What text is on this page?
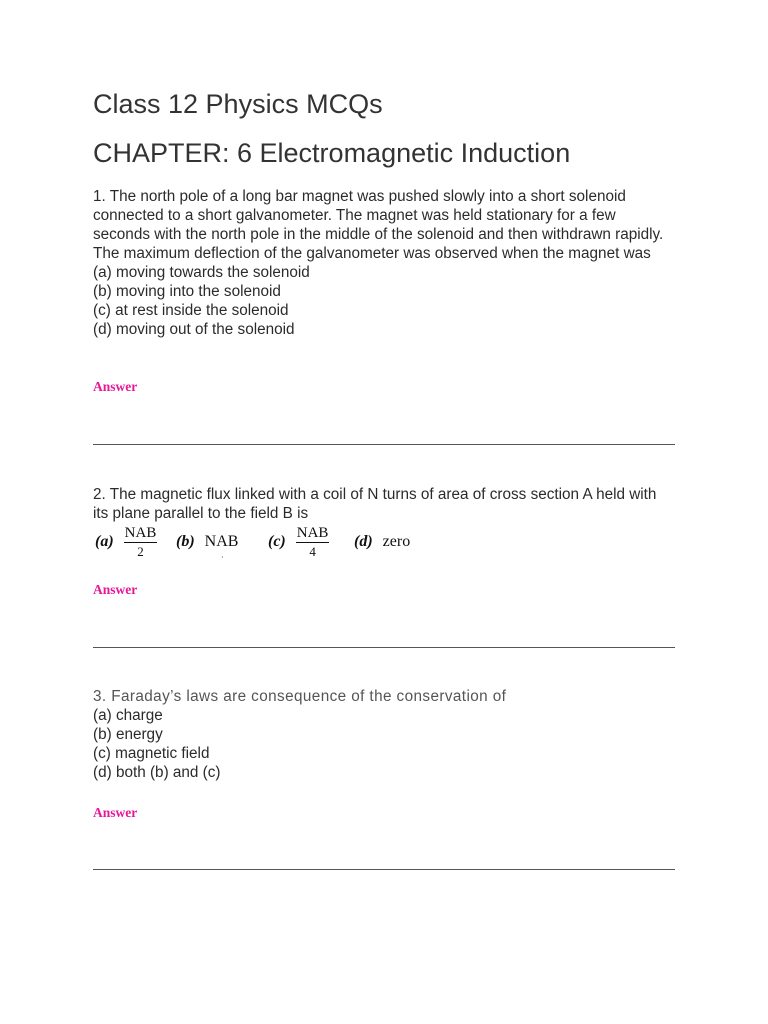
Class 12 Physics MCQs
CHAPTER: 6 Electromagnetic Induction

1. The north pole of a long bar magnet was pushed slowly into a short solenoid connected to a short galvanometer. The magnet was held stationary for a few seconds with the north pole in the middle of the solenoid and then withdrawn rapidly. The maximum deflection of the galvanometer was observed when the magnet was

(a) moving towards the solenoid

(b) moving into the solenoid

(c) at rest inside the solenoid

(d) moving out of the solenoid

Answer

2. The magnetic flux linked with a coil of N turns of area of cross section A held with its plane parallel to the field B is

$(a) \frac{\text{NAB}}{2} (b)$ NAB
·
$(c) \frac{\text{NAB}}{4} (d)$ zero
Answer

3. Faraday’s laws are consequence of the conservation of

(a) charge

(b) energy

(c) magnetic field

(d) both (b) and (c)

Answer
